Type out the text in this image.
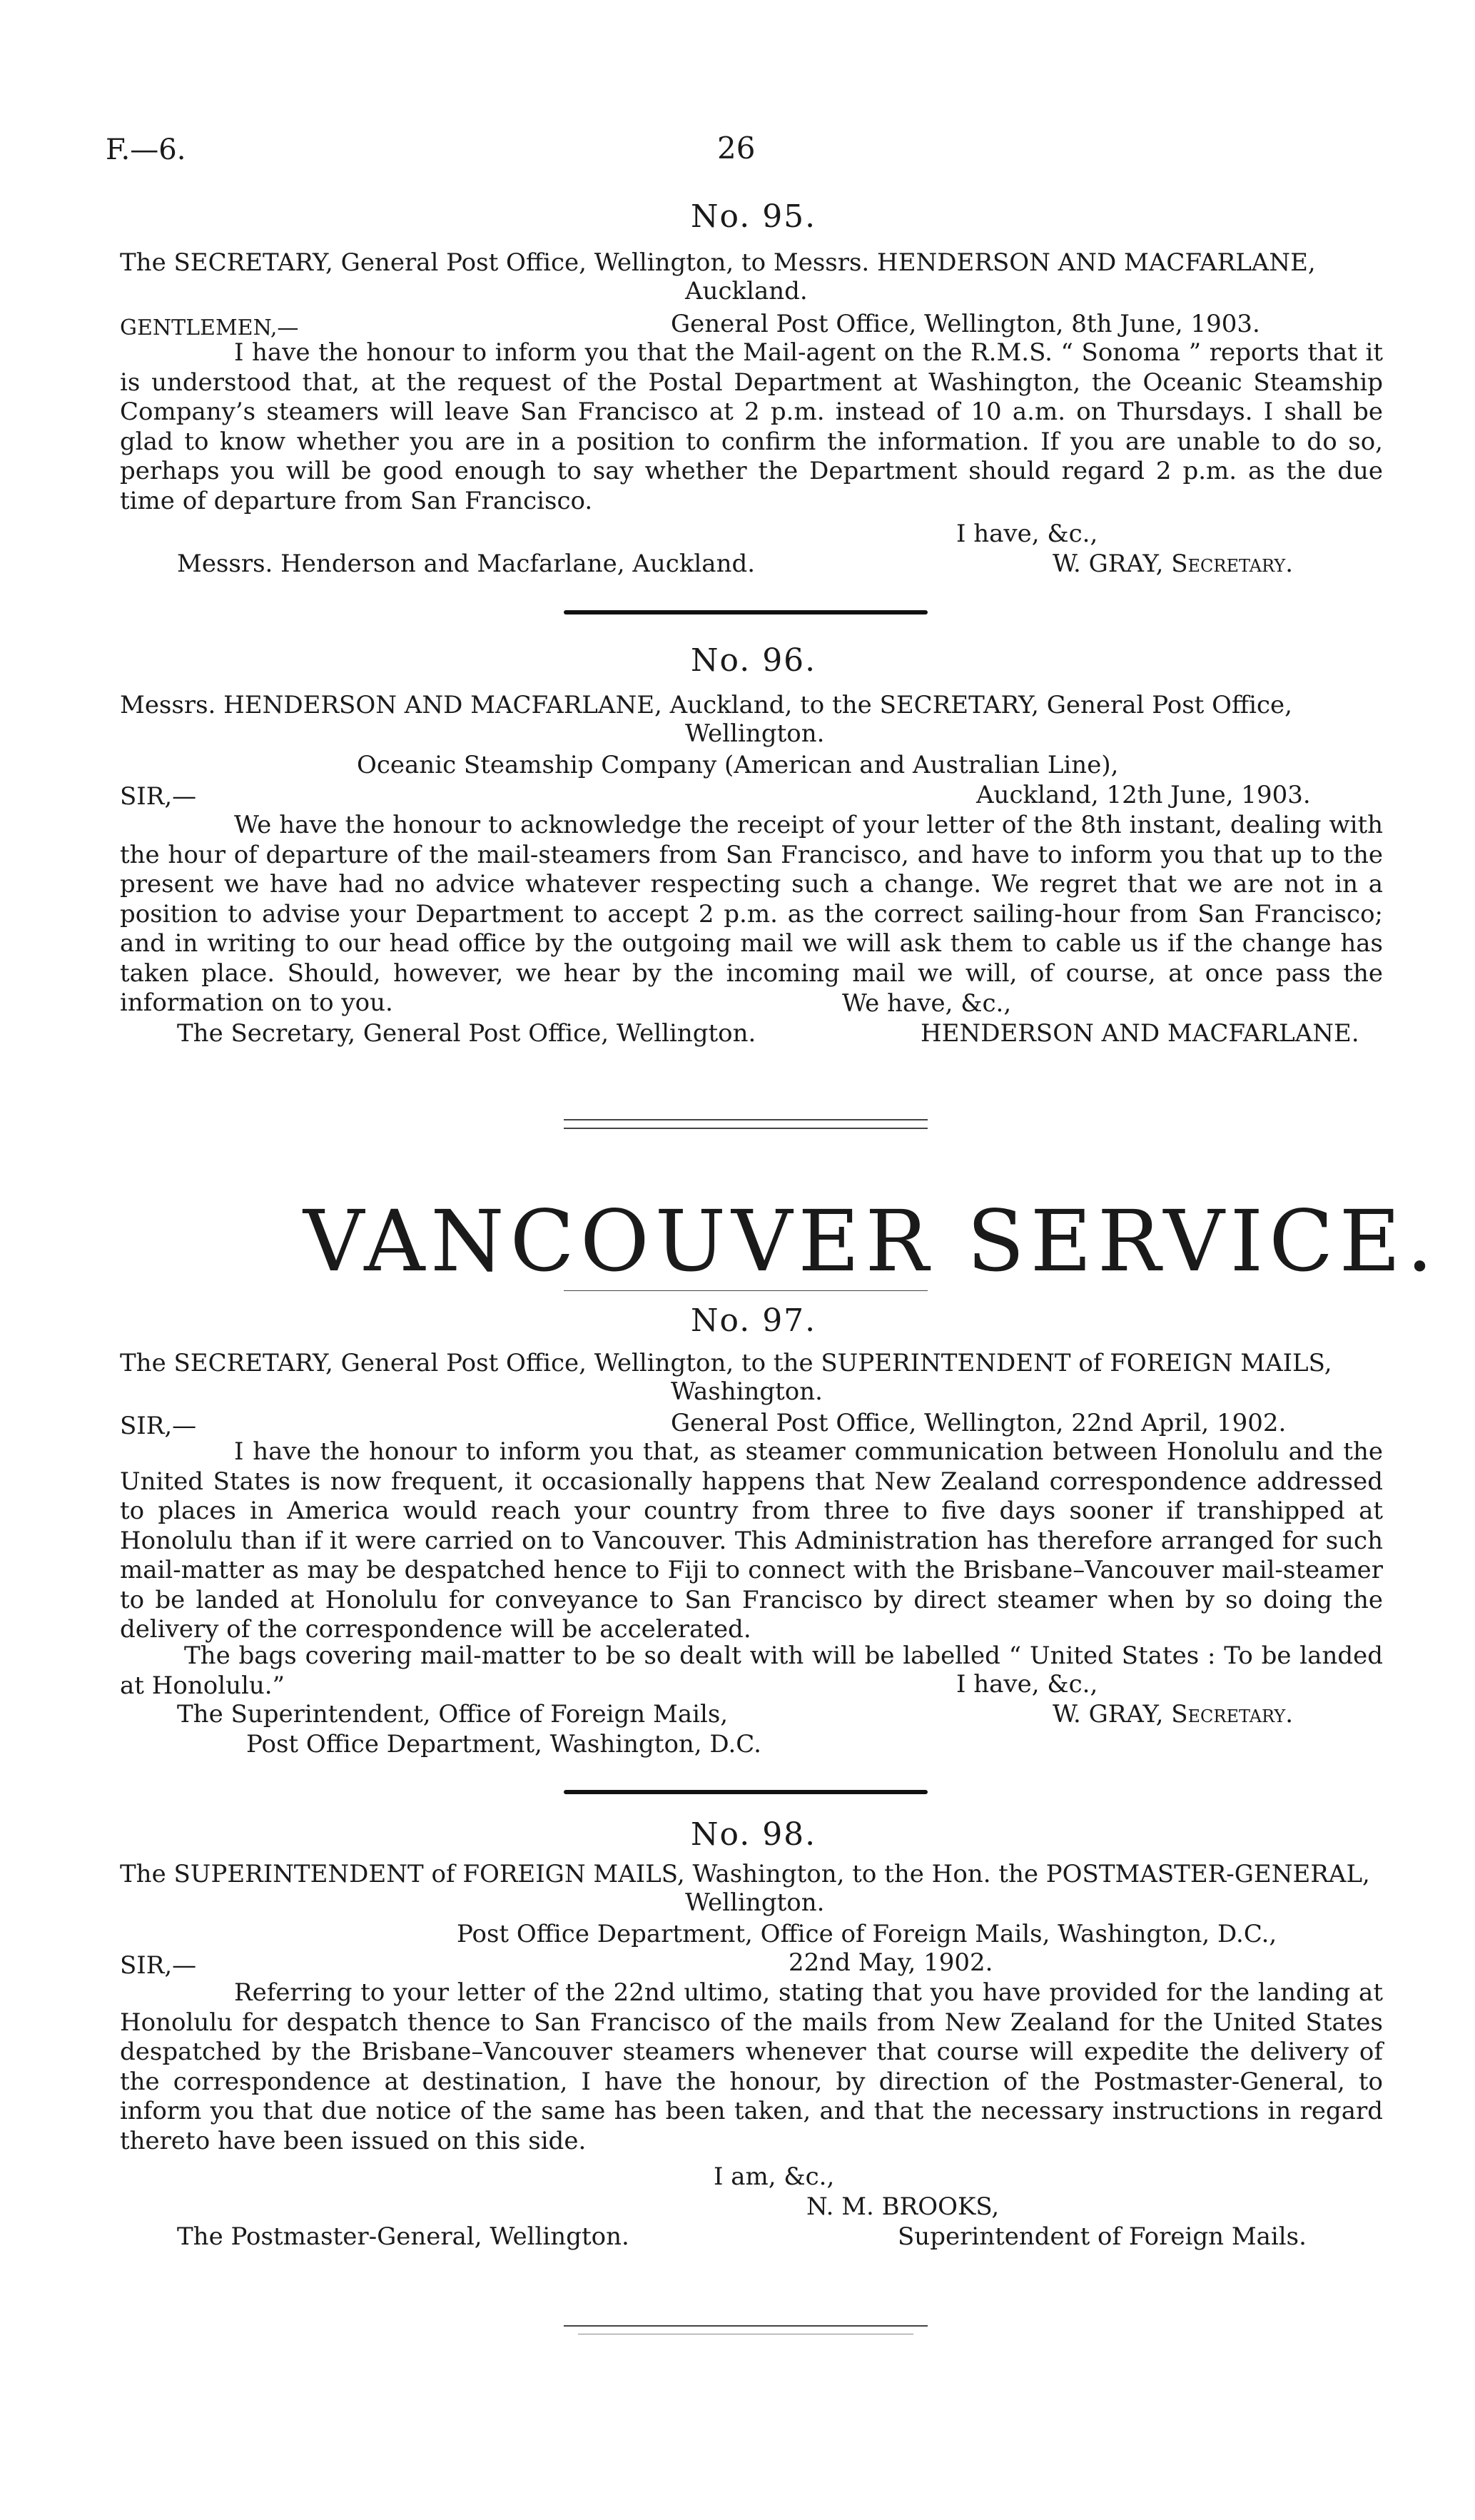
F.—6.	26
No. 95.
The SECRETARY, General Post Office, Wellington, to Messrs. HENDERSON AND MACFARLANE,
Auckland.
GENTLEMEN,—	General Post Office, Wellington, 8th June, 1903.
I have the honour to inform you that the Mail-agent on the R.M.S. “ Sonoma ” reports that it is understood that, at the request of the Postal Department at Washington, the Oceanic Steamship Company’s steamers will leave San Francisco at 2 p.m. instead of 10 a.m. on Thursdays. I shall be glad to know whether you are in a position to confirm the information. If you are unable to do so, perhaps you will be good enough to say whether the Department should regard 2 p.m. as the due time of departure from San Francisco.
I have, &c.,
Messrs. Henderson and Macfarlane, Auckland.	W. GRAY, Secretary.
No. 96.
Messrs. HENDERSON AND MACFARLANE, Auckland, to the SECRETARY, General Post Office,
Wellington.
Oceanic Steamship Company (American and Australian Line),
SIR,—	Auckland, 12th June, 1903.
We have the honour to acknowledge the receipt of your letter of the 8th instant, dealing with the hour of departure of the mail-steamers from San Francisco, and have to inform you that up to the present we have had no advice whatever respecting such a change. We regret that we are not in a position to advise your Department to accept 2 p.m. as the correct sailing-hour from San Francisco; and in writing to our head office by the outgoing mail we will ask them to cable us if the change has taken place. Should, however, we hear by the incoming mail we will, of course, at once pass the information on to you.	We have, &c.,
The Secretary, General Post Office, Wellington.	HENDERSON AND MACFARLANE.
VANCOUVER SERVICE.
No. 97.
The SECRETARY, General Post Office, Wellington, to the SUPERINTENDENT of FOREIGN MAILS,
Washington.
SIR,—	General Post Office, Wellington, 22nd April, 1902.
I have the honour to inform you that, as steamer communication between Honolulu and the United States is now frequent, it occasionally happens that New Zealand correspondence addressed to places in America would reach your country from three to five days sooner if transhipped at Honolulu than if it were carried on to Vancouver. This Administration has therefore arranged for such mail-matter as may be despatched hence to Fiji to connect with the Brisbane–Vancouver mail-steamer to be landed at Honolulu for conveyance to San Francisco by direct steamer when by so doing the delivery of the correspondence will be accelerated.
The bags covering mail-matter to be so dealt with will be labelled “ United States : To be landed at Honolulu.”	I have, &c.,
The Superintendent, Office of Foreign Mails,	W. GRAY, Secretary.
Post Office Department, Washington, D.C.
No. 98.
The SUPERINTENDENT of FOREIGN MAILS, Washington, to the Hon. the POSTMASTER-GENERAL,
Wellington.
Post Office Department, Office of Foreign Mails, Washington, D.C.,
SIR,—	22nd May, 1902.
Referring to your letter of the 22nd ultimo, stating that you have provided for the landing at Honolulu for despatch thence to San Francisco of the mails from New Zealand for the United States despatched by the Brisbane–Vancouver steamers whenever that course will expedite the delivery of the correspondence at destination, I have the honour, by direction of the Postmaster-General, to inform you that due notice of the same has been taken, and that the necessary instructions in regard thereto have been issued on this side.
I am, &c.,
N. M. BROOKS,
The Postmaster-General, Wellington.	Superintendent of Foreign Mails.
